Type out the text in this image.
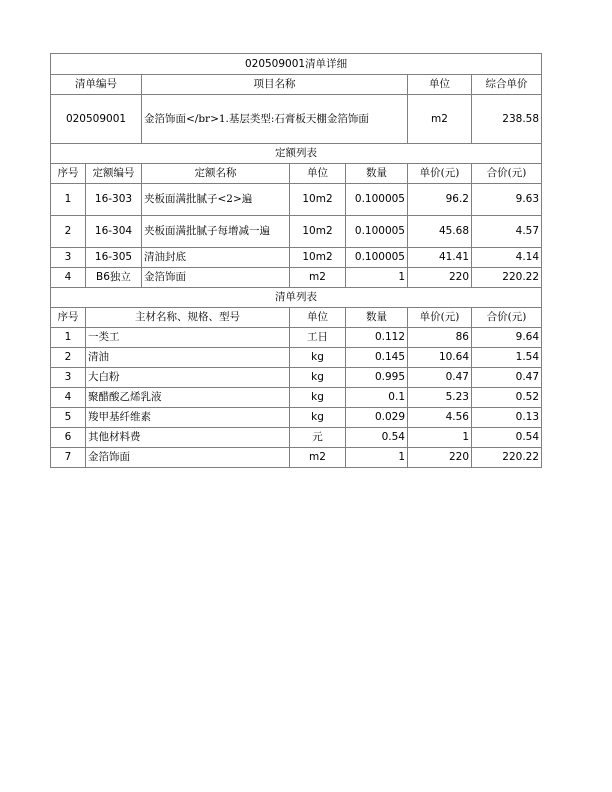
020509001清单详细						
清单编号		项目名称			单位	综合单价
020509001		金箔饰面</br>1.基层类型:石膏板天棚金箔饰面			m2	238.58
定额列表						
序号	定额编号	定额名称	单位	数量	单价(元)	合价(元)
1	16-303	夹板面满批腻子<2>遍	10m2	0.100005	96.2	9.63
2	16-304	夹板面满批腻子每增减一遍	10m2	0.100005	45.68	4.57
3	16-305	清油封底	10m2	0.100005	41.41	4.14
4	B6独立	金箔饰面	m2	1	220	220.22
清单列表						
序号	主材名称、规格、型号		单位	数量	单价(元)	合价(元)
1	一类工		工日	0.112	86	9.64
2	清油		kg	0.145	10.64	1.54
3	大白粉		kg	0.995	0.47	0.47
4	聚醋酸乙烯乳液		kg	0.1	5.23	0.52
5	羧甲基纤维素		kg	0.029	4.56	0.13
6	其他材料费		元	0.54	1	0.54
7	金箔饰面		m2	1	220	220.22
